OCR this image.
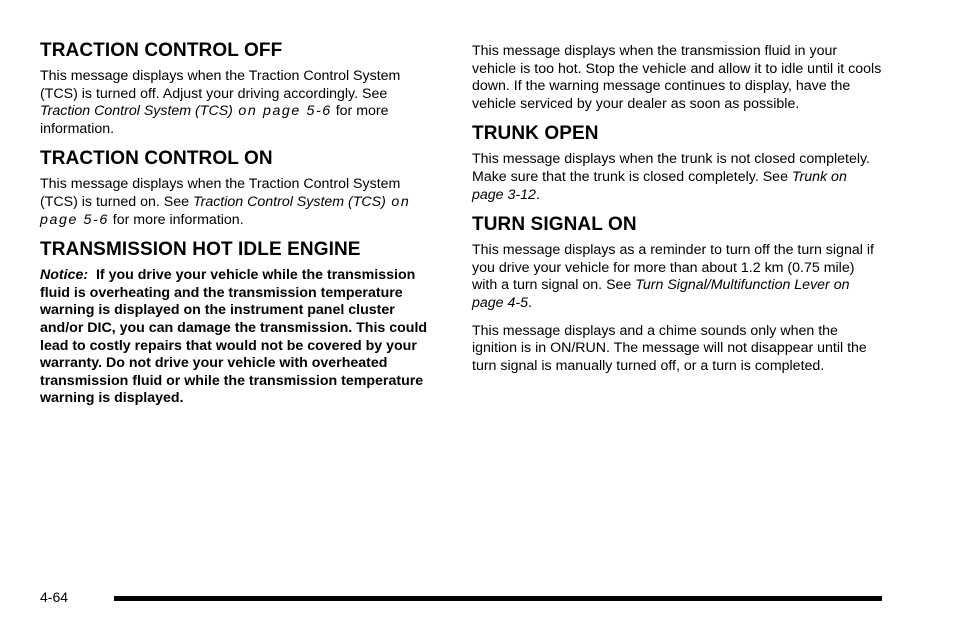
TRACTION CONTROL OFF

This message displays when the Traction Control System (TCS) is turned off. Adjust your driving accordingly. See Traction Control System (TCS) on page 5‑6 for more information.

TRACTION CONTROL ON

This message displays when the Traction Control System (TCS) is turned on. See Traction Control System (TCS) on page 5‑6 for more information.

TRANSMISSION HOT IDLE ENGINE

Notice:  If you drive your vehicle while the transmission fluid is overheating and the transmission temperature warning is displayed on the instrument panel cluster and/or DIC, you can damage the transmission. This could lead to costly repairs that would not be covered by your warranty. Do not drive your vehicle with overheated transmission fluid or while the transmission temperature warning is displayed.

This message displays when the transmission fluid in your vehicle is too hot. Stop the vehicle and allow it to idle until it cools down. If the warning message continues to display, have the vehicle serviced by your dealer as soon as possible.

TRUNK OPEN

This message displays when the trunk is not closed completely. Make sure that the trunk is closed completely. See Trunk on page 3‑12.

TURN SIGNAL ON

This message displays as a reminder to turn off the turn signal if you drive your vehicle for more than about 1.2 km (0.75 mile) with a turn signal on. See Turn Signal/Multifunction Lever on page 4‑5.

This message displays and a chime sounds only when the ignition is in ON/RUN. The message will not disappear until the turn signal is manually turned off, or a turn is completed.

4-64
